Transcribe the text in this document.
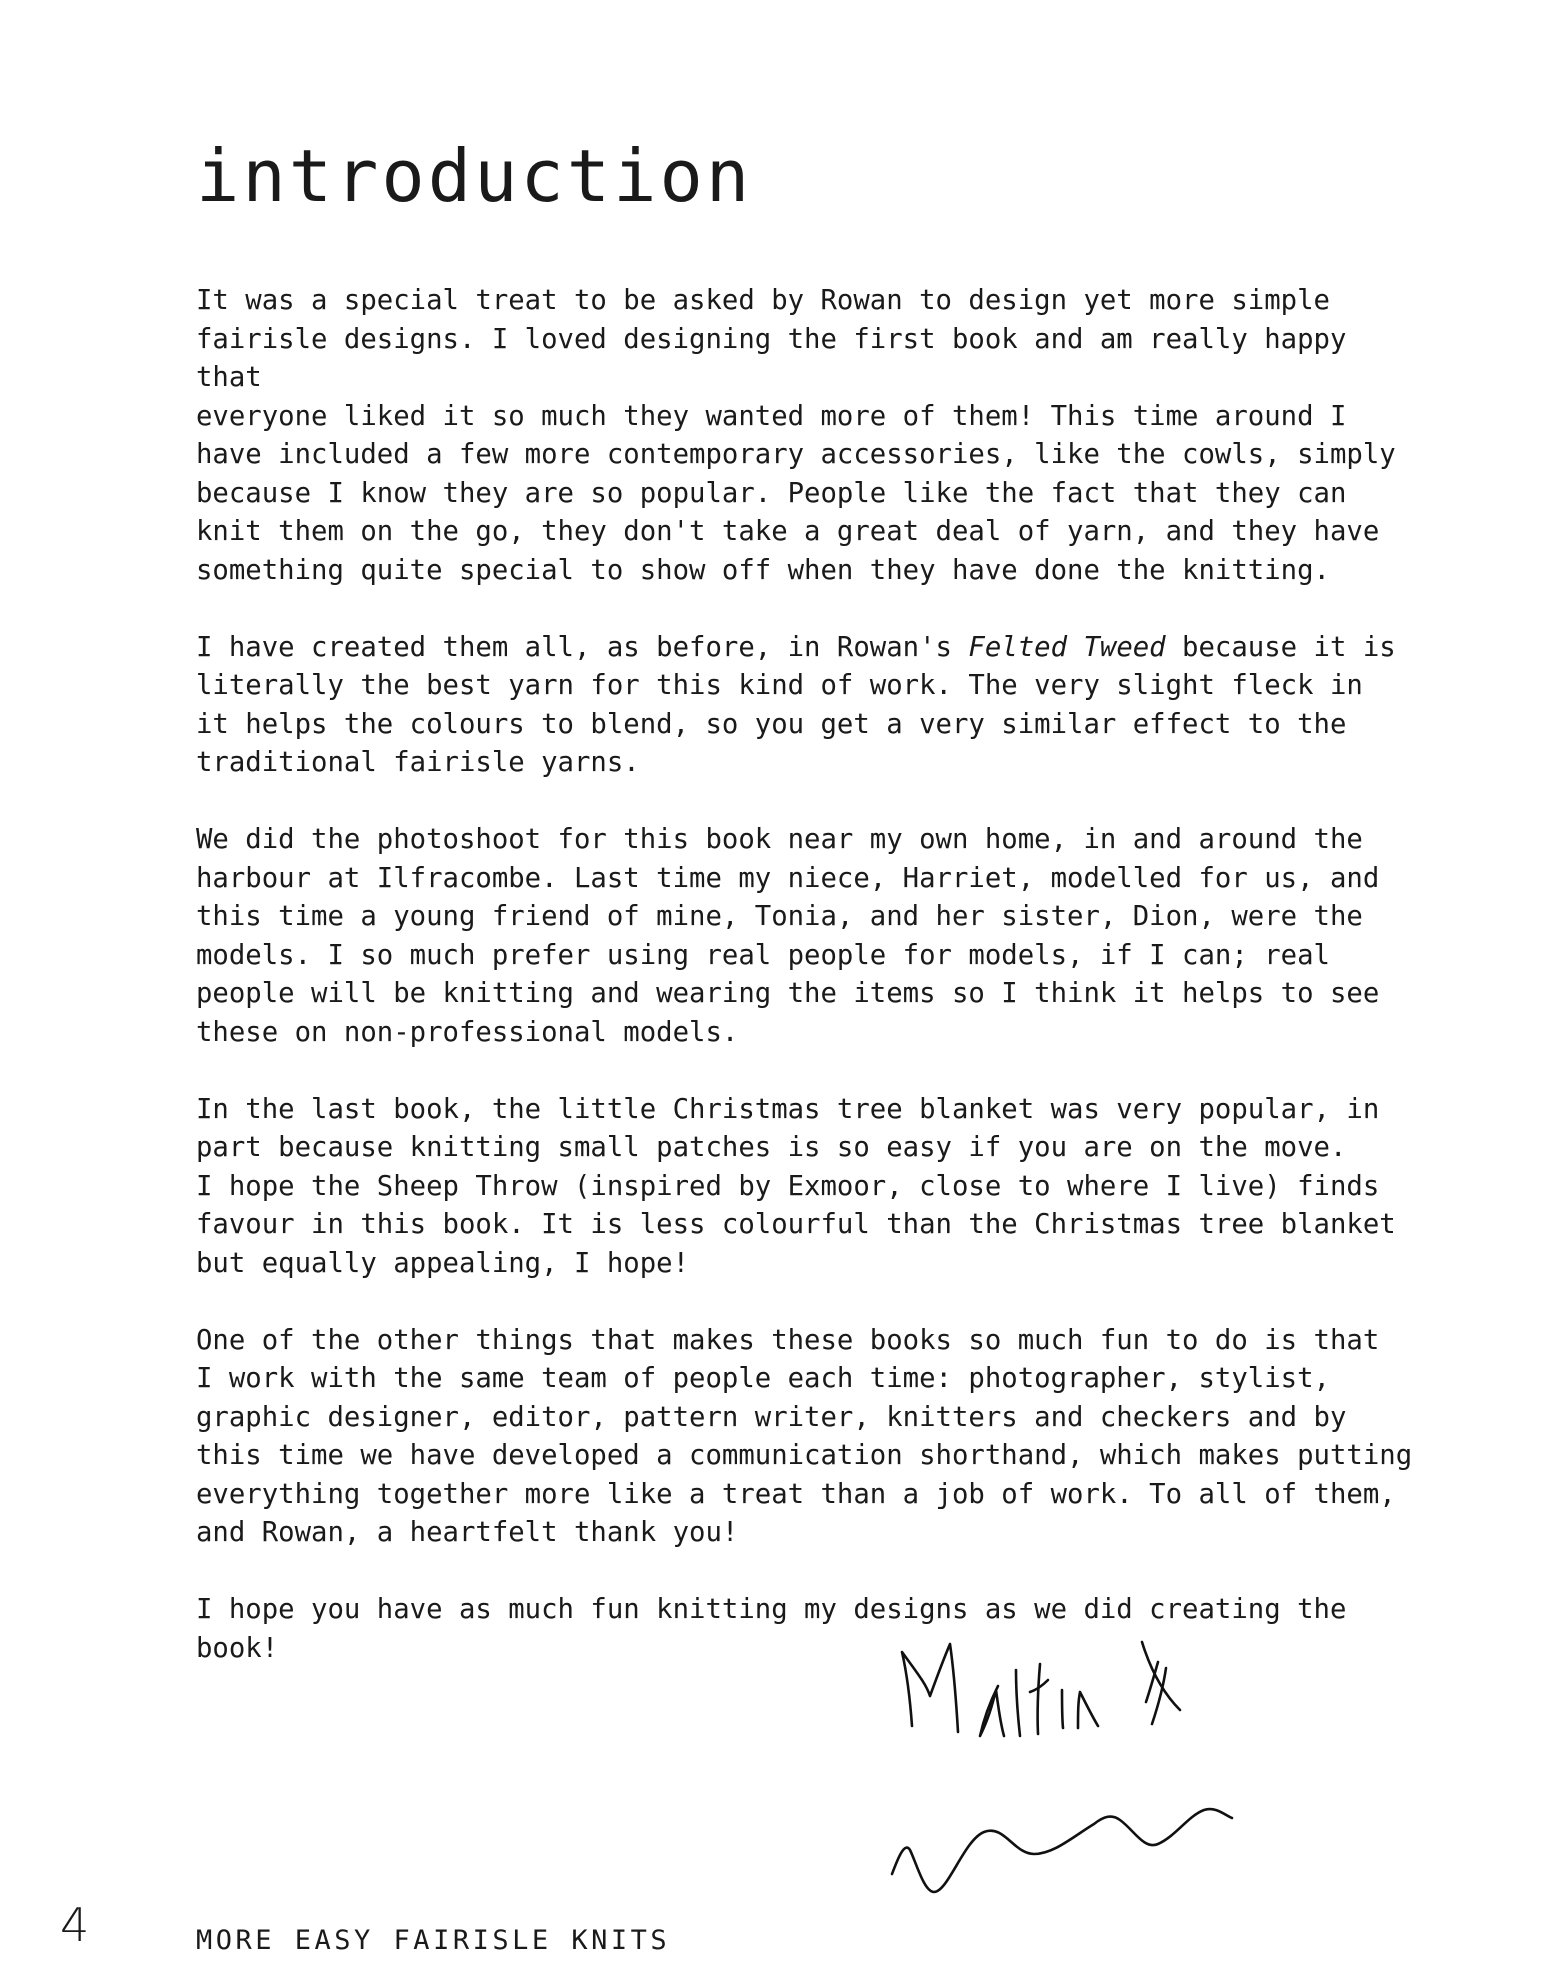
introduction

It was a special treat to be asked by Rowan to design yet more simple
fairisle designs. I loved designing the first book and am really happy that
everyone liked it so much they wanted more of them! This time around I
have included a few more contemporary accessories, like the cowls, simply
because I know they are so popular. People like the fact that they can
knit them on the go, they don't take a great deal of yarn, and they have
something quite special to show off when they have done the knitting.

I have created them all, as before, in Rowan's Felted Tweed because it is
literally the best yarn for this kind of work. The very slight fleck in
it helps the colours to blend, so you get a very similar effect to the
traditional fairisle yarns.

We did the photoshoot for this book near my own home, in and around the
harbour at Ilfracombe. Last time my niece, Harriet, modelled for us, and
this time a young friend of mine, Tonia, and her sister, Dion, were the
models. I so much prefer using real people for models, if I can; real
people will be knitting and wearing the items so I think it helps to see
these on non-professional models.

In the last book, the little Christmas tree blanket was very popular, in
part because knitting small patches is so easy if you are on the move.
I hope the Sheep Throw (inspired by Exmoor, close to where I live) finds
favour in this book. It is less colourful than the Christmas tree blanket
but equally appealing, I hope!

One of the other things that makes these books so much fun to do is that
I work with the same team of people each time: photographer, stylist,
graphic designer, editor, pattern writer, knitters and checkers and by
this time we have developed a communication shorthand, which makes putting
everything together more like a treat than a job of work. To all of them,
and Rowan, a heartfelt thank you!

I hope you have as much fun knitting my designs as we did creating the
book!

4	MORE EASY FAIRISLE KNITS
